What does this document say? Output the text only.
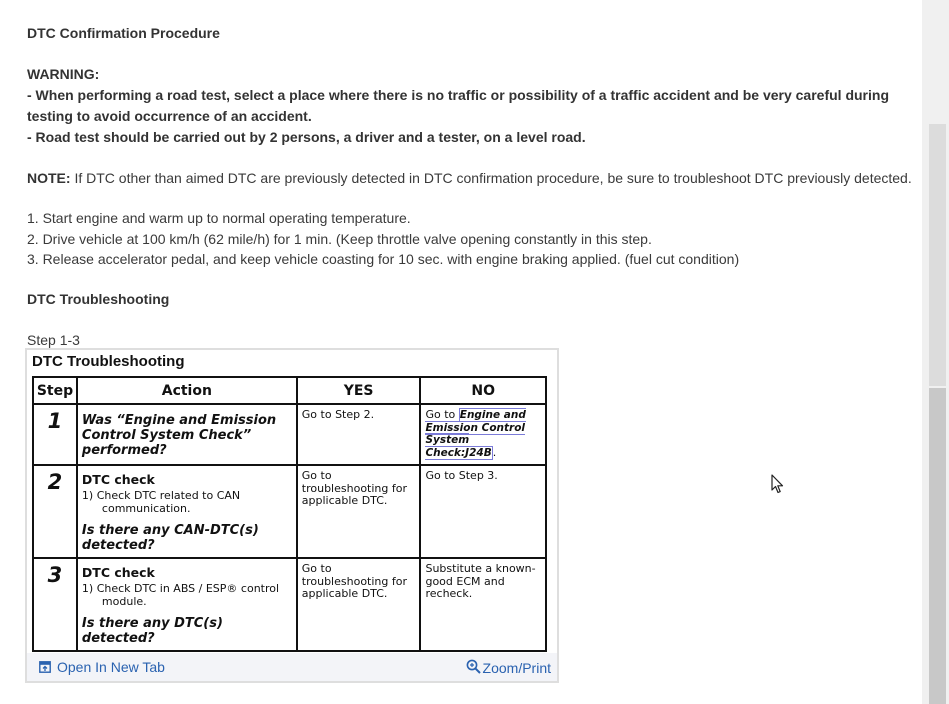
DTC Confirmation Procedure
WARNING:
- When performing a road test, select a place where there is no traffic or possibility of a traffic accident and be very careful during testing to avoid occurrence of an accident.
- Road test should be carried out by 2 persons, a driver and a tester, on a level road.
NOTE: If DTC other than aimed DTC are previously detected in DTC confirmation procedure, be sure to troubleshoot DTC previously detected.
1. Start engine and warm up to normal operating temperature.
2. Drive vehicle at 100 km/h (62 mile/h) for 1 min. (Keep throttle valve opening constantly in this step.
3. Release accelerator pedal, and keep vehicle coasting for 10 sec. with engine braking applied. (fuel cut condition)
DTC Troubleshooting
Step 1-3
DTC Troubleshooting
Step	Action	YES	NO
1	Was “Engine and Emission Control System Check” performed?	Go to Step 2.	Go to Engine and Emission Control System Check:J24B.
2	DTC check
1) Check DTC related to CAN communication.
Is there any CAN-DTC(s) detected?	Go to troubleshooting for applicable DTC.	Go to Step 3.
3	DTC check
1) Check DTC in ABS / ESP® control module.
Is there any DTC(s) detected?	Go to troubleshooting for applicable DTC.	Substitute a known-good ECM and recheck.
Open In New Tab	Zoom/Print
